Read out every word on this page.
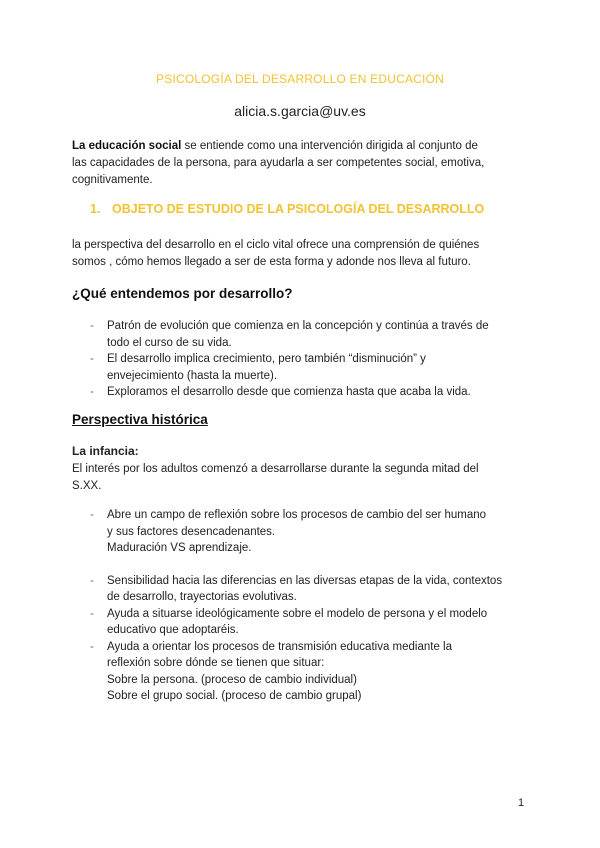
PSICOLOGÍA DEL DESARROLLO EN EDUCACIÓN
alicia.s.garcia@uv.es
La educación social se entiende como una intervención dirigida al conjunto de
las capacidades de la persona, para ayudarla a ser competentes social, emotiva,
cognitivamente.
1. OBJETO DE ESTUDIO DE LA PSICOLOGÍA DEL DESARROLLO
la perspectiva del desarrollo en el ciclo vital ofrece una comprensión de quiénes
somos , cómo hemos llegado a ser de esta forma y adonde nos lleva al futuro.
¿Qué entendemos por desarrollo?
- Patrón de evolución que comienza en la concepción y continúa a través de
todo el curso de su vida.
- El desarrollo implica crecimiento, pero también “disminución” y
envejecimiento (hasta la muerte).
- Exploramos el desarrollo desde que comienza hasta que acaba la vida.
Perspectiva histórica
La infancia:
El interés por los adultos comenzó a desarrollarse durante la segunda mitad del
S.XX.
- Abre un campo de reflexión sobre los procesos de cambio del ser humano
y sus factores desencadenantes.
Maduración VS aprendizaje.
- Sensibilidad hacia las diferencias en las diversas etapas de la vida, contextos
de desarrollo, trayectorias evolutivas.
- Ayuda a situarse ideológicamente sobre el modelo de persona y el modelo
educativo que adoptaréis.
- Ayuda a orientar los procesos de transmisión educativa mediante la
reflexión sobre dónde se tienen que situar:
Sobre la persona. (proceso de cambio individual)
Sobre el grupo social. (proceso de cambio grupal)
1
